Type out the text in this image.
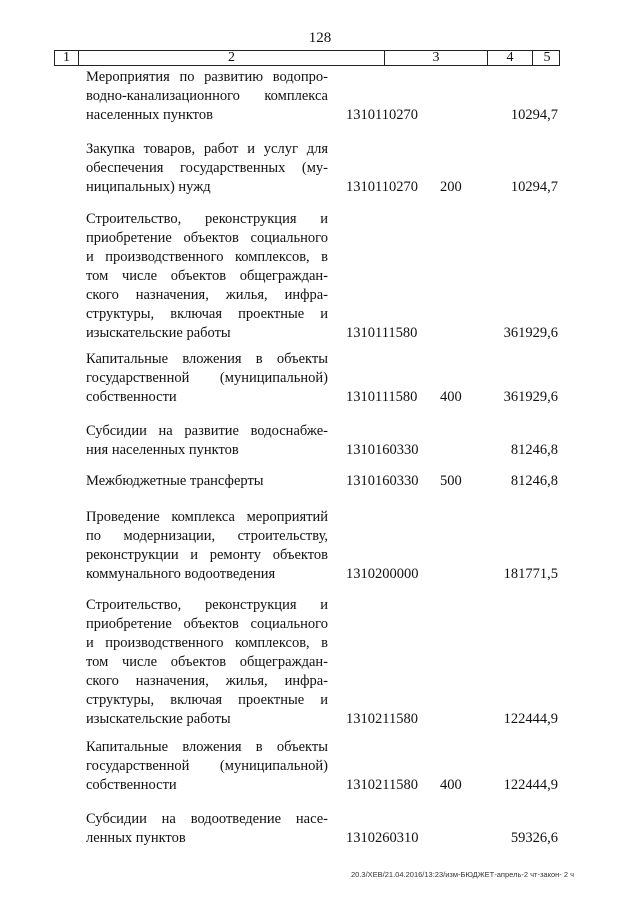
128
1	2	3	4	5
Мероприятия по развитию водопро-
водно-канализационного комплекса
населенных пунктов	1310110270	10294,7
Закупка товаров, работ и услуг для
обеспечения государственных (му-
ниципальных) нужд	1310110270 200	10294,7
Строительство, реконструкция и
приобретение объектов социального
и производственного комплексов, в
том числе объектов общеграждан-
ского назначения, жилья, инфра-
структуры, включая проектные и
изыскательские работы	1310111580	361929,6
Капитальные вложения в объекты
государственной (муниципальной)
собственности	1310111580 400	361929,6
Субсидии на развитие водоснабже-
ния населенных пунктов	1310160330	81246,8
Межбюджетные трансферты	1310160330 500	81246,8
Проведение комплекса мероприятий
по модернизации, строительству,
реконструкции и ремонту объектов
коммунального водоотведения	1310200000	181771,5
Строительство, реконструкция и
приобретение объектов социального
и производственного комплексов, в
том числе объектов общеграждан-
ского назначения, жилья, инфра-
структуры, включая проектные и
изыскательские работы	1310211580	122444,9
Капитальные вложения в объекты
государственной (муниципальной)
собственности	1310211580 400	122444,9
Субсидии на водоотведение насе-
ленных пунктов	1310260310	59326,6
20.3/ХЕВ/21.04.2016/13:23/изм-БЮДЖЕТ-апрель-2 чт-закон- 2 ч
